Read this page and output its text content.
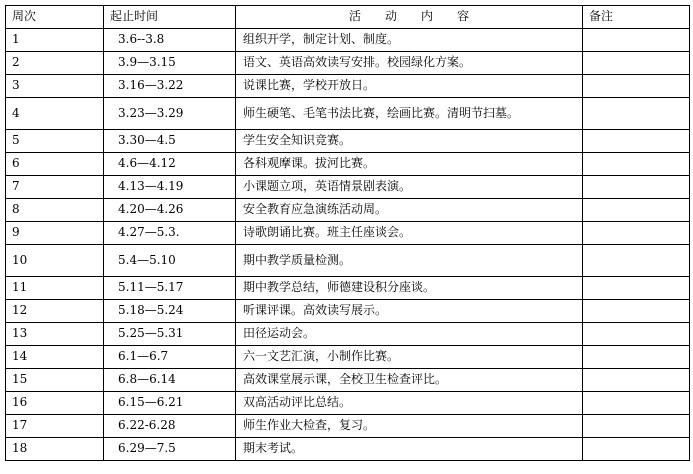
周次	起止时间	活　　动　　内　　容	备注
1	3.6--3.8	组织开学，制定计划、制度。	
2	3.9—3.15	语文、英语高效读写安排。校园绿化方案。	
3	3.16—3.22	说课比赛，学校开放日。	
4	3.23—3.29	师生硬笔、毛笔书法比赛，绘画比赛。清明节扫墓。	
5	3.30—4.5	学生安全知识竞赛。	
6	4.6—4.12	各科观摩课。拔河比赛。	
7	4.13—4.19	小课题立项，英语情景剧表演。	
8	4.20—4.26	安全教育应急演练活动周。	
9	4.27—5.3.	诗歌朗诵比赛。班主任座谈会。	
10	5.4—5.10	期中教学质量检测。	
11	5.11—5.17	期中教学总结，师德建设积分座谈。	
12	5.18—5.24	听课评课。高效读写展示。	
13	5.25—5.31	田径运动会。	
14	6.1—6.7	六一文艺汇演，小制作比赛。	
15	6.8—6.14	高效课堂展示课，全校卫生检查评比。	
16	6.15—6.21	双高活动评比总结。	
17	6.22-6.28	师生作业大检查，复习。	
18	6.29—7.5	期末考试。	
